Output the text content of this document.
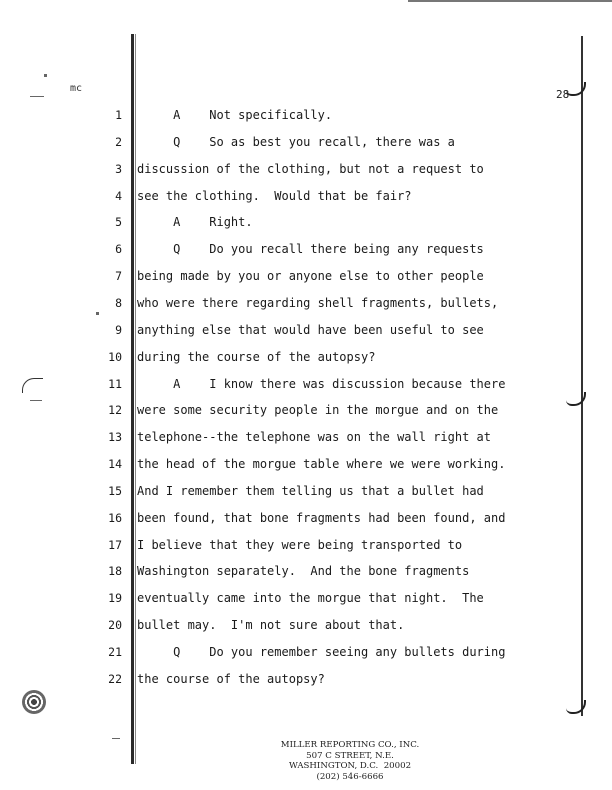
mc	28
1 A    Not specifically.
2 Q    So as best you recall, there was a
3 discussion of the clothing, but not a request to
4 see the clothing.  Would that be fair?
5 A    Right.
6 Q    Do you recall there being any requests
7 being made by you or anyone else to other people
8 who were there regarding shell fragments, bullets,
9 anything else that would have been useful to see
10 during the course of the autopsy?
11 A    I know there was discussion because there
12 were some security people in the morgue and on the
13 telephone--the telephone was on the wall right at
14 the head of the morgue table where we were working.
15 And I remember them telling us that a bullet had
16 been found, that bone fragments had been found, and
17 I believe that they were being transported to
18 Washington separately.  And the bone fragments
19 eventually came into the morgue that night.  The
20 bullet may.  I'm not sure about that.
21 Q    Do you remember seeing any bullets during
22 the course of the autopsy?
MILLER REPORTING CO., INC.
507 C STREET, N.E.
WASHINGTON, D.C.  20002
(202) 546-6666
